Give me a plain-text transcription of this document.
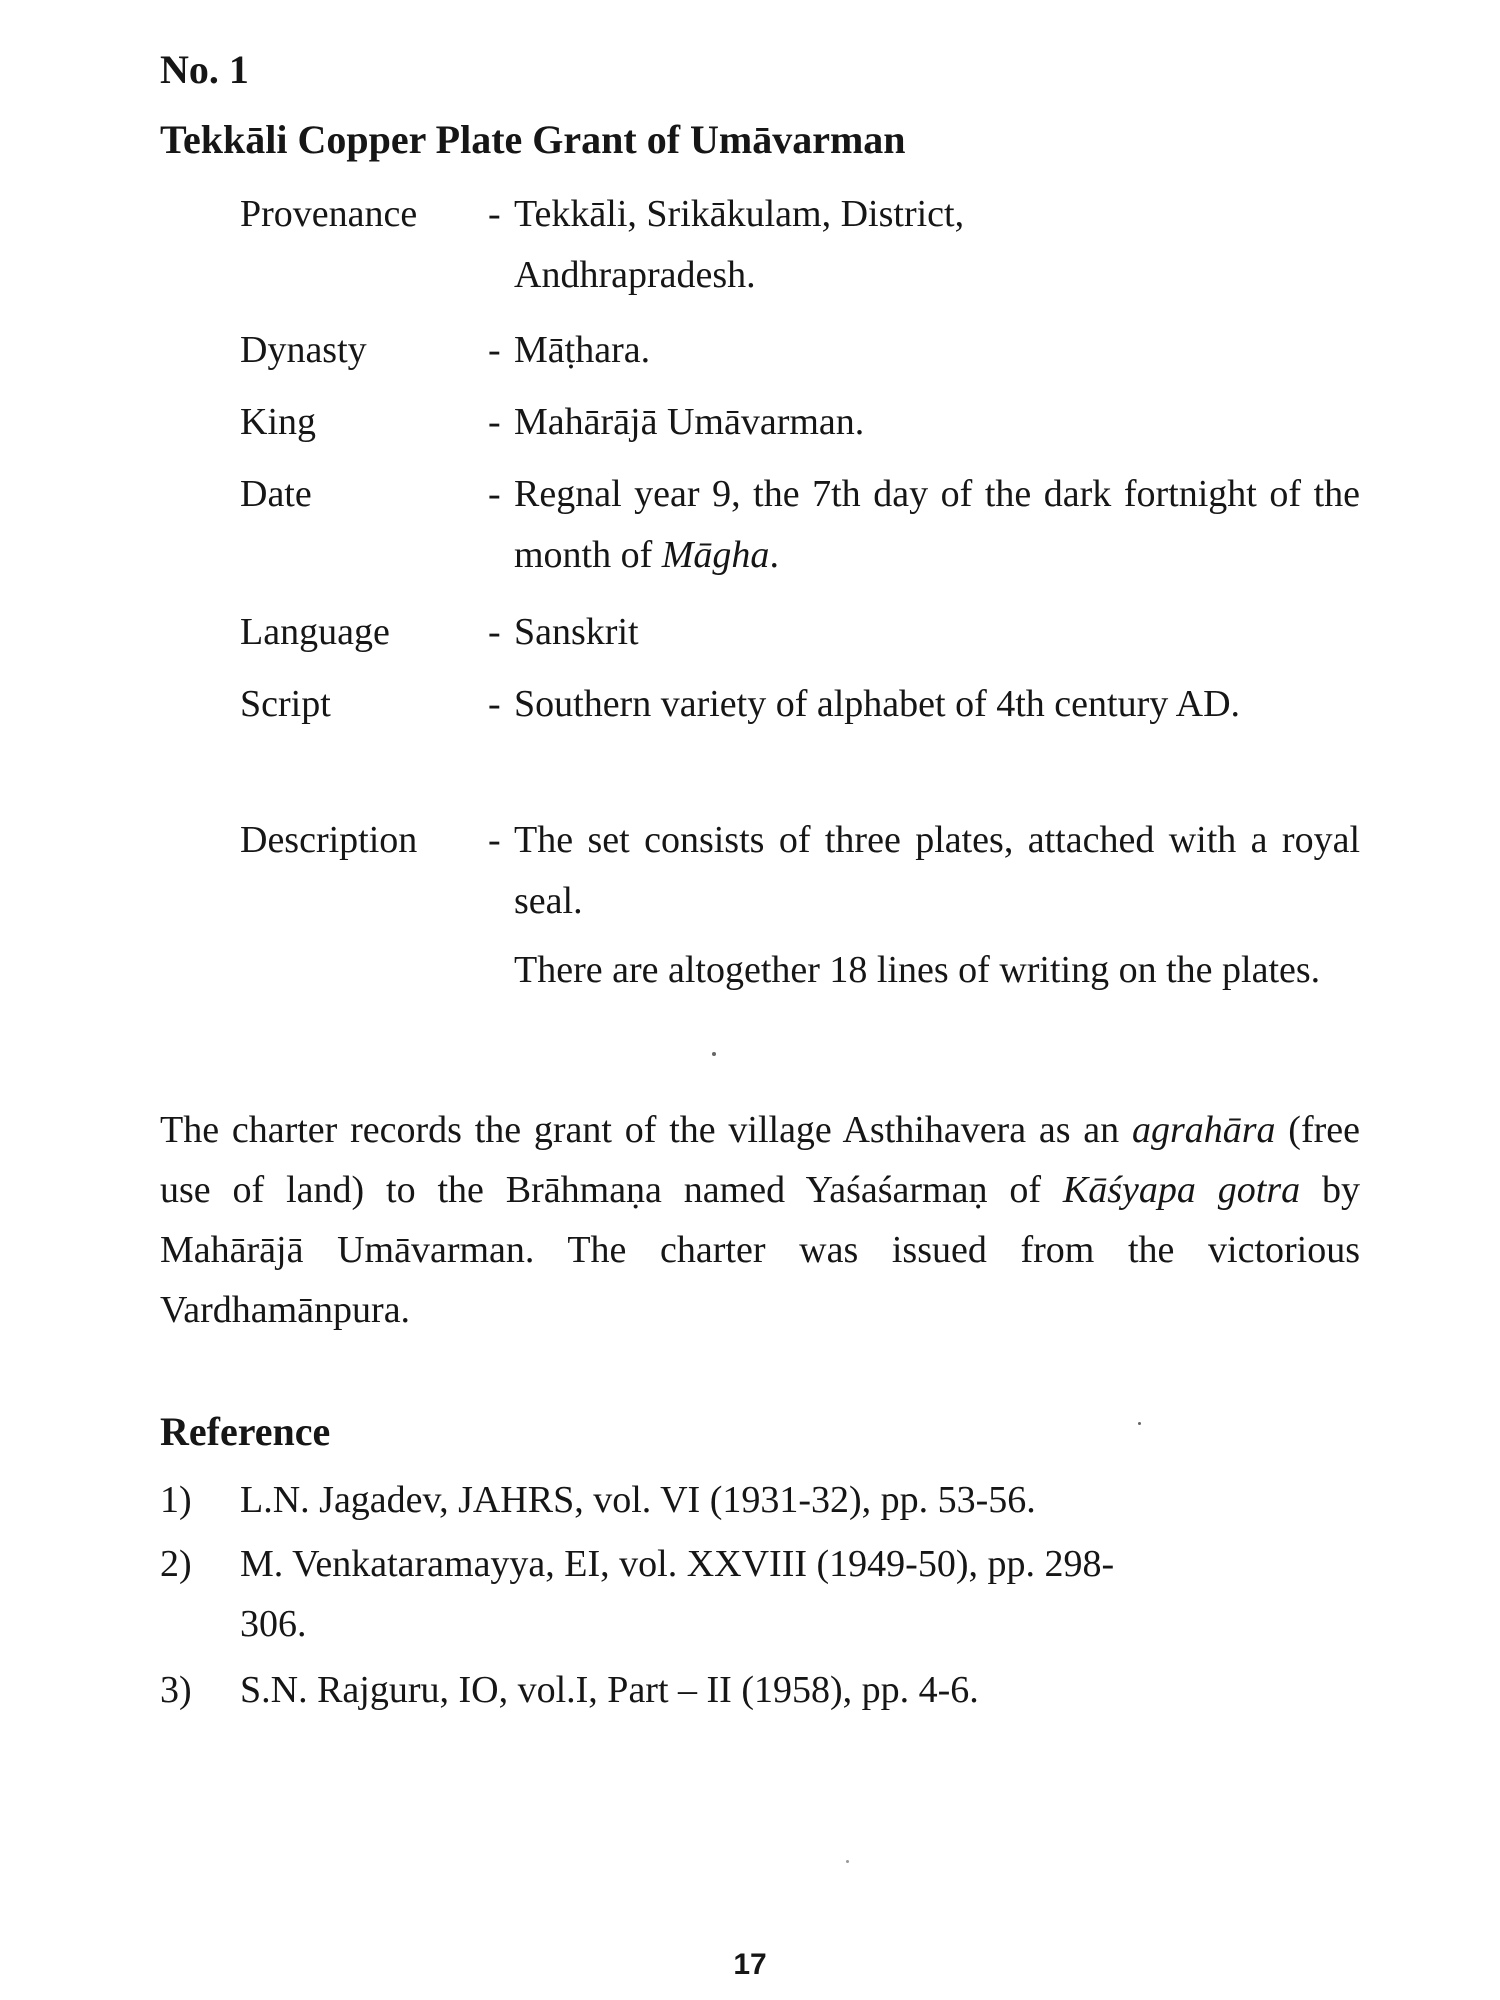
No. 1
Tekkāli Copper Plate Grant of Umāvarman
Provenance - Tekkāli, Srikākulam, District, Andhrapradesh.
Dynasty	- Māṭhara.
King	- Mahārājā Umāvarman.
Date	- Regnal year 9, the 7th day of the dark fortnight of the month of Māgha.
Language	- Sanskrit
Script	- Southern variety of alphabet of 4th century AD.
Description - The set consists of three plates, attached with a royal seal.
There are altogether 18 lines of writing on the plates.
The charter records the grant of the village Asthihavera as an agrahāra (free use of land) to the Brāhmaṇa named Yaśaśarmaṇ of Kāśyapa gotra by Mahārājā Umāvarman. The charter was issued from the victorious Vardhamānpura.
Reference
1) L.N. Jagadev, JAHRS, vol. VI (1931-32), pp. 53-56.
2) M. Venkataramayya, EI, vol. XXVIII (1949-50), pp. 298-306.
3) S.N. Rajguru, IO, vol.I, Part – II (1958), pp. 4-6.
17
